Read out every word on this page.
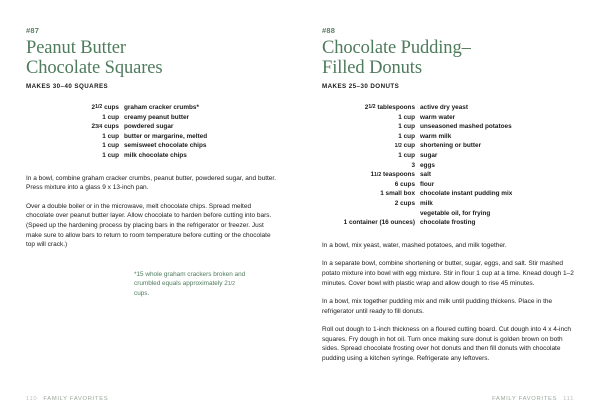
#87
Peanut Butter
Chocolate Squares
MAKES 30–40 SQUARES
21/2 cups graham cracker crumbs*
1 cup creamy peanut butter
23/4 cups powdered sugar
1 cup butter or margarine, melted
1 cup semisweet chocolate chips
1 cup milk chocolate chips

In a bowl, combine graham cracker crumbs, peanut butter, powdered sugar, and butter. Press mixture into a glass 9 x 13-inch pan.

Over a double boiler or in the microwave, melt chocolate chips. Spread melted chocolate over peanut butter layer. Allow chocolate to harden before cutting into bars. (Speed up the hardening process by placing bars in the refrigerator or freezer. Just make sure to allow bars to return to room temperature before cutting or the chocolate top will crack.)

*15 whole graham crackers broken and crumbled equals approximately 21/2 cups.

110 FAMILY FAVORITES
#88
Chocolate Pudding–
Filled Donuts
MAKES 25–30 DONUTS
21/2 tablespoons active dry yeast
1 cup warm water
1 cup unseasoned mashed potatoes
1 cup warm milk
1/2 cup shortening or butter
1 cup sugar
3 eggs
11/2 teaspoons salt
6 cups flour
1 small box chocolate instant pudding mix
2 cups milk
vegetable oil, for frying
1 container (16 ounces) chocolate frosting

In a bowl, mix yeast, water, mashed potatoes, and milk together.

In a separate bowl, combine shortening or butter, sugar, eggs, and salt. Stir mashed potato mixture into bowl with egg mixture. Stir in flour 1 cup at a time. Knead dough 1–2 minutes. Cover bowl with plastic wrap and allow dough to rise 45 minutes.

In a bowl, mix together pudding mix and milk until pudding thickens. Place in the refrigerator until ready to fill donuts.

Roll out dough to 1-inch thickness on a floured cutting board. Cut dough into 4 x 4-inch squares. Fry dough in hot oil. Turn once making sure donut is golden brown on both sides. Spread chocolate frosting over hot donuts and then fill donuts with chocolate pudding using a kitchen syringe. Refrigerate any leftovers.

FAMILY FAVORITES 111
